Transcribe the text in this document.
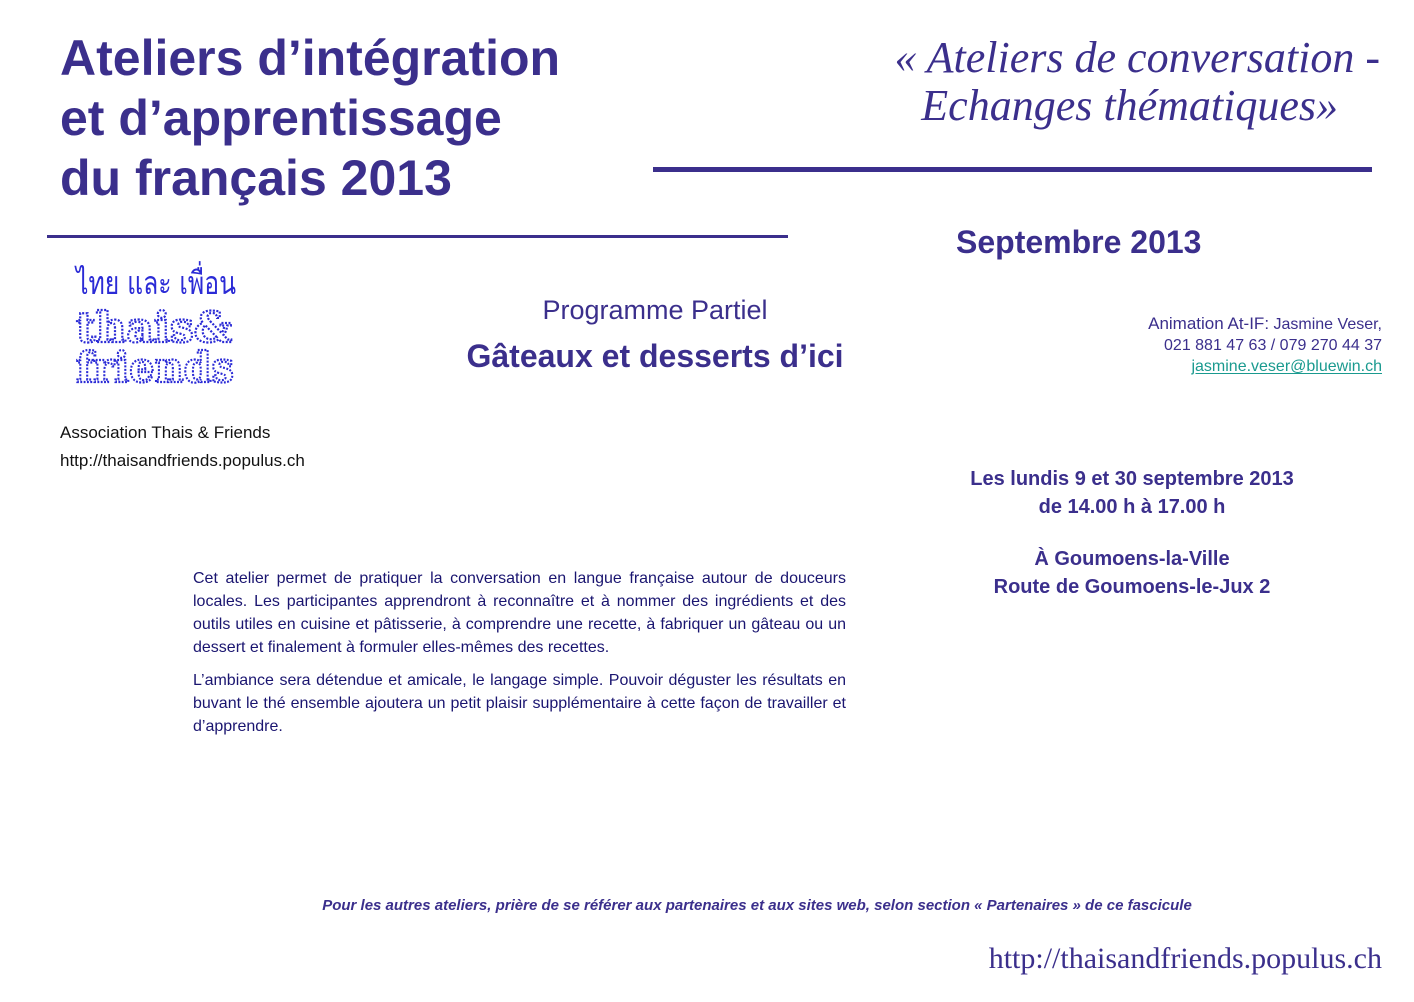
Ateliers d’intégration
et d’apprentissage
du français 2013
« Ateliers de conversation -
Echanges thématiques»
Septembre 2013
ไทย และ เพื่อน
thais&
friends
Association Thais & Friends
http://thaisandfriends.populus.ch
Programme Partiel
Gâteaux et desserts d’ici
Animation At-IF: Jasmine Veser,
021 881 47 63 / 079 270 44 37
jasmine.veser@bluewin.ch
Les lundis 9 et 30 septembre 2013
de 14.00 h à 17.00 h
À Goumoens-la-Ville
Route de Goumoens-le-Jux 2

Cet atelier permet de pratiquer la conversation en langue française autour de douceurs locales. Les participantes apprendront à reconnaître et à nommer des ingrédients et des outils utiles en cuisine et pâtisserie, à comprendre une recette, à fabriquer un gâteau ou un dessert et finalement à formuler elles-mêmes des recettes.

L’ambiance sera détendue et amicale, le langage simple. Pouvoir déguster les résultats en buvant le thé ensemble ajoutera un petit plaisir supplémentaire à cette façon de travailler et d’apprendre.

Pour les autres ateliers, prière de se référer aux partenaires et aux sites web, selon section « Partenaires » de ce fascicule
http://thaisandfriends.populus.ch
